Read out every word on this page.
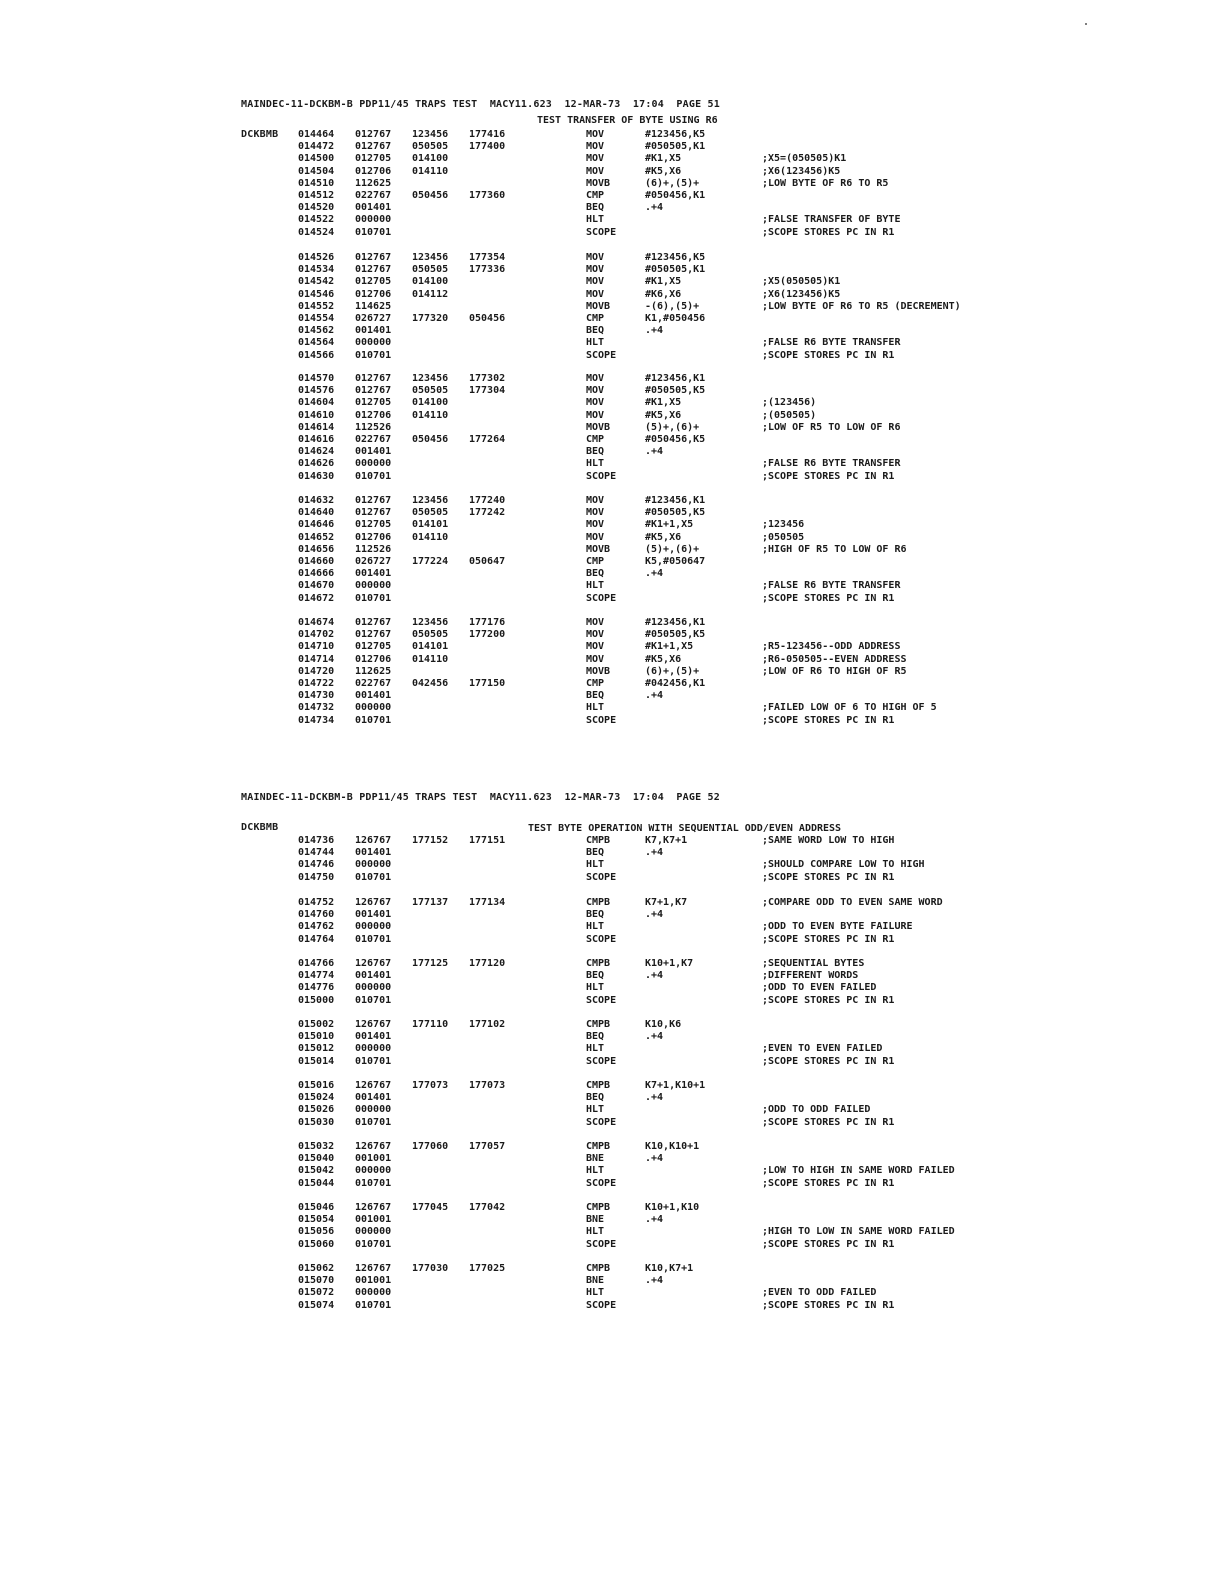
MAINDEC-11-DCKBM-B PDP11/45 TRAPS TEST  MACY11.623  12-MAR-73  17:04  PAGE 51

DCKBMB

TEST TRANSFER OF BYTE USING R6

MAINDEC-11-DCKBM-B PDP11/45 TRAPS TEST  MACY11.623  12-MAR-73  17:04  PAGE 52

DCKBMB	TEST BYTE OPERATION WITH SEQUENTIAL ODD/EVEN ADDRESS
014464 012767 123456 177416	MOV	#123456,K5
014472 012767 050505 177400	MOV	#050505,K1
014500 012705 014100	MOV	#K1,X5	;X5=(050505)K1
014504 012706 014110	MOV	#K5,X6	;X6(123456)K5
014510 112625	MOVB	(6)+,(5)+	;LOW BYTE OF R6 TO R5
014512 022767 050456 177360	CMP	#050456,K1
014520 001401	BEQ	.+4
014522 000000	HLT	;FALSE TRANSFER OF BYTE
014524 010701	SCOPE	;SCOPE STORES PC IN R1
014526 012767 123456 177354	MOV	#123456,K5
014534 012767 050505 177336	MOV	#050505,K1
014542 012705 014100	MOV	#K1,X5	;X5(050505)K1
014546 012706 014112	MOV	#K6,X6	;X6(123456)K5
014552 114625	MOVB	-(6),(5)+	;LOW BYTE OF R6 TO R5 (DECREMENT)
014554 026727 177320 050456	CMP	K1,#050456
014562 001401	BEQ	.+4
014564 000000	HLT	;FALSE R6 BYTE TRANSFER
014566 010701	SCOPE	;SCOPE STORES PC IN R1
014570 012767 123456 177302	MOV	#123456,K1
014576 012767 050505 177304	MOV	#050505,K5
014604 012705 014100	MOV	#K1,X5	;(123456)
014610 012706 014110	MOV	#K5,X6	;(050505)
014614 112526	MOVB	(5)+,(6)+	;LOW OF R5 TO LOW OF R6
014616 022767 050456 177264	CMP	#050456,K5
014624 001401	BEQ	.+4
014626 000000	HLT	;FALSE R6 BYTE TRANSFER
014630 010701	SCOPE	;SCOPE STORES PC IN R1
014632 012767 123456 177240	MOV	#123456,K1
014640 012767 050505 177242	MOV	#050505,K5
014646 012705 014101	MOV	#K1+1,X5	;123456
014652 012706 014110	MOV	#K5,X6	;050505
014656 112526	MOVB	(5)+,(6)+	;HIGH OF R5 TO LOW OF R6
014660 026727 177224 050647	CMP	K5,#050647
014666 001401	BEQ	.+4
014670 000000	HLT	;FALSE R6 BYTE TRANSFER
014672 010701	SCOPE	;SCOPE STORES PC IN R1
014674 012767 123456 177176	MOV	#123456,K1
014702 012767 050505 177200	MOV	#050505,K5
014710 012705 014101	MOV	#K1+1,X5	;R5-123456--ODD ADDRESS
014714 012706 014110	MOV	#K5,X6	;R6-050505--EVEN ADDRESS
014720 112625	MOVB	(6)+,(5)+	;LOW OF R6 TO HIGH OF R5
014722 022767 042456 177150	CMP	#042456,K1
014730 001401	BEQ	.+4
014732 000000	HLT	;FAILED LOW OF 6 TO HIGH OF 5
014734 010701	SCOPE	;SCOPE STORES PC IN R1
014736 126767 177152 177151	CMPB	K7,K7+1	;SAME WORD LOW TO HIGH
014744 001401	BEQ	.+4
014746 000000	HLT	;SHOULD COMPARE LOW TO HIGH
014750 010701	SCOPE	;SCOPE STORES PC IN R1
014752 126767 177137 177134	CMPB	K7+1,K7	;COMPARE ODD TO EVEN SAME WORD
014760 001401	BEQ	.+4
014762 000000	HLT	;ODD TO EVEN BYTE FAILURE
014764 010701	SCOPE	;SCOPE STORES PC IN R1
014766 126767 177125 177120	CMPB	K10+1,K7	;SEQUENTIAL BYTES
014774 001401	BEQ	.+4	;DIFFERENT WORDS
014776 000000	HLT	;ODD TO EVEN FAILED
015000 010701	SCOPE	;SCOPE STORES PC IN R1
015002 126767 177110 177102	CMPB	K10,K6
015010 001401	BEQ	.+4
015012 000000	HLT	;EVEN TO EVEN FAILED
015014 010701	SCOPE	;SCOPE STORES PC IN R1
015016 126767 177073 177073	CMPB	K7+1,K10+1
015024 001401	BEQ	.+4
015026 000000	HLT	;ODD TO ODD FAILED
015030 010701	SCOPE	;SCOPE STORES PC IN R1
015032 126767 177060 177057	CMPB	K10,K10+1
015040 001001	BNE	.+4
015042 000000	HLT	;LOW TO HIGH IN SAME WORD FAILED
015044 010701	SCOPE	;SCOPE STORES PC IN R1
015046 126767 177045 177042	CMPB	K10+1,K10
015054 001001	BNE	.+4
015056 000000	HLT	;HIGH TO LOW IN SAME WORD FAILED
015060 010701	SCOPE	;SCOPE STORES PC IN R1
015062 126767 177030 177025	CMPB	K10,K7+1
015070 001001	BNE	.+4
015072 000000	HLT	;EVEN TO ODD FAILED
015074 010701	SCOPE	;SCOPE STORES PC IN R1
